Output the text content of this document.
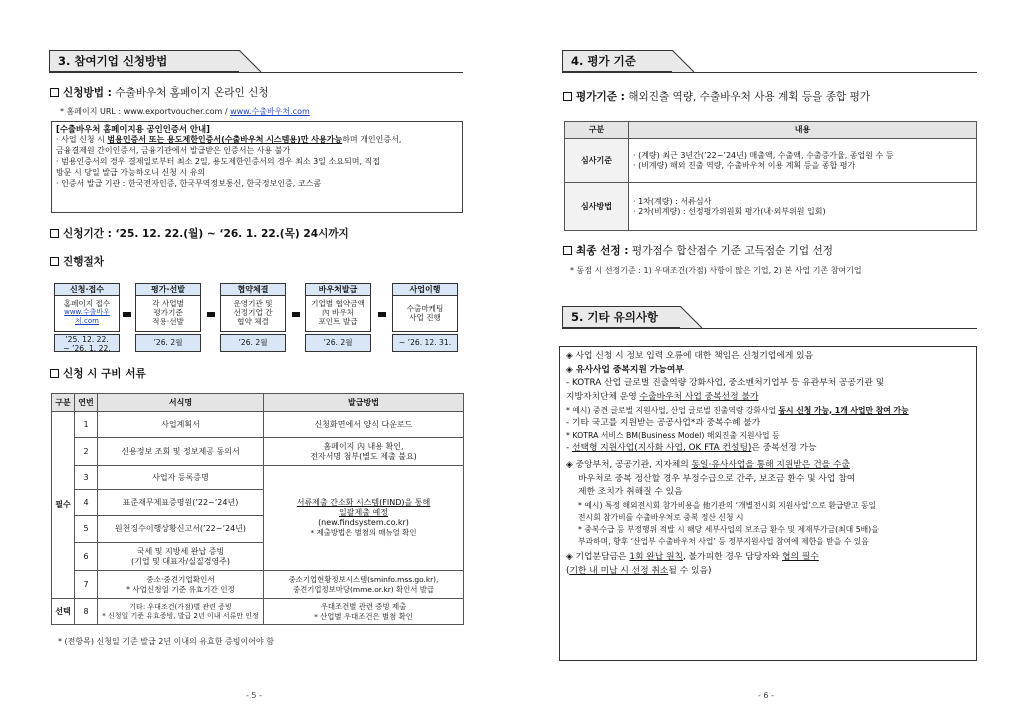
3. 참여기업 신청방법
신청방법 : 수출바우처 홈페이지 온라인 신청
* 홈페이지 URL : www.exportvoucher.com / www.수출바우처.com
[수출바우처 홈페이지용 공인인증서 안내]
· 사업 신청 시 범용인증서 또는 용도제한인증서(수출바우처 시스템용)만 사용가능하며 개인인증서,
금융결제원 간이인증서, 금융기관에서 발급받은 인증서는 사용 불가
· 범용인증서의 경우 결제일로부터 최소 2일, 용도제한인증서의 경우 최소 3일 소요되며, 직접
방문 시 당일 발급 가능하오니 신청 시 유의
· 인증서 발급 기관 : 한국전자인증, 한국무역정보통신, 한국정보인증, 코스콤
신청기간 : ‘25. 12. 22.(월) ~ ‘26. 1. 22.(목) 24시까지
진행절차
신청·접수
홈페이지 접수
www.수출바우처.com
’25. 12. 22.
~ ’26. 1. 22.
평가·선발
각 사업별
평가기준
적용·선발
’26. 2월
협약체결
운영기관 및
선정기업 간
협약 체결
’26. 2월
바우처발급
기업별 협약금액
內 바우처
포인트 발급
’26. 2월
사업이행
수출마케팅
사업 진행
~ ’26. 12. 31.
신청 시 구비 서류
구분	연번	서식명	발급방법
필수	1	사업계획서	신청화면에서 양식 다운로드
	2	신용정보 조회 및 정보제공 동의서	홈페이지 內 내용 확인,
전자서명 첨부(별도 제출 불요)
	3	사업자 등록증명	서류제출 간소화 시스템(FIND)을 통해
일괄제출 예정
(new.findsystem.co.kr)
* 제출방법은 별첨의 매뉴얼 확인

	4	표준재무제표증명원(’22~’24년)	
	5	원천징수이행상황신고서(’22~’24년)	
	6	국세 및 지방세 완납 증빙
(기업 및 대표자/실질경영주)	
	7	중소·중견기업확인서
* 사업신청일 기준 유효기간 인정	중소기업현황정보시스템(sminfo.mss.go.kr),
중견기업정보마당(mme.or.kr) 확인서 발급
선택	8	기타: 우대조건(가점)별 관련 증빙
* 신청일 기준 유효증빙, 발급 2년 이내 서류만 인정	우대조건별 관련 증빙 제출
* 산업별 우대조건은 별첨 확인
* (전항목) 신청일 기준 발급 2년 이내의 유효한 증빙이어야 함
- 5 -
4. 평가 기준
평가기준 : 해외진출 역량, 수출바우처 사용 계획 등을 종합 평가
구분	내용
심사기준	· (계량) 최근 3년간(’22~’24년) 매출액, 수출액, 수출증가율, 종업원 수 등
· (비계량) 해외 진출 역량, 수출바우처 이용 계획 등을 종합 평가

심사방법	· 1차(계량) : 서류심사
· 2차(비계량) : 선정평가위원회 평가(내·외부위원 입회)
최종 선정 : 평가점수 합산점수 기준 고득점순 기업 선정
* 동점 시 선정기준 : 1) 우대조건(가점) 사항이 많은 기업, 2) 본 사업 기존 참여기업
5. 기타 유의사항
◈ 사업 신청 시 정보 입력 오류에 대한 책임은 신청기업에게 있음
◈ 유사사업 중복지원 가능여부
- KOTRA 산업 글로벌 진출역량 강화사업, 중소벤처기업부 등 유관부처 공공기관 및
지방자치단체 운영 수출바우처 사업 중복선정 불가
* 예시) 중견 글로벌 지원사업, 산업 글로벌 진출역량 강화사업 동시 신청 가능, 1개 사업만 참여 가능
- 기타 국고를 지원받는 공공사업*과 중복수혜 불가
* KOTRA 서비스 BM(Business Model) 해외진출 지원사업 등
- 선택형 지원사업(지사화 사업, OK FTA 컨설팅)은 중복선정 가능
◈ 중앙부처, 공공기관, 지자체의 동일·유사사업을 통해 지원받은 건을 수출
바우처로 중복 정산할 경우 부정수급으로 간주, 보조금 환수 및 사업 참여
제한 조치가 취해질 수 있음
* 예시) 특정 해외전시회 참가비용을 他기관의 ‘개별전시회 지원사업’으로 환급받고 동일
전시회 참가비를 수출바우처로 중복 정산 신청 시
* 중복수급 등 부정행위 적발 시 해당 세부사업의 보조금 환수 및 제재부가금(최대 5배)을
부과하며, 향후 ‘산업부 수출바우처 사업’ 등 정부지원사업 참여에 제한을 받을 수 있음
◈ 기업분담금은 1회 완납 원칙, 불가피한 경우 담당자와 협의 필수
(기한 내 미납 시 선정 취소될 수 있음)
- 6 -
